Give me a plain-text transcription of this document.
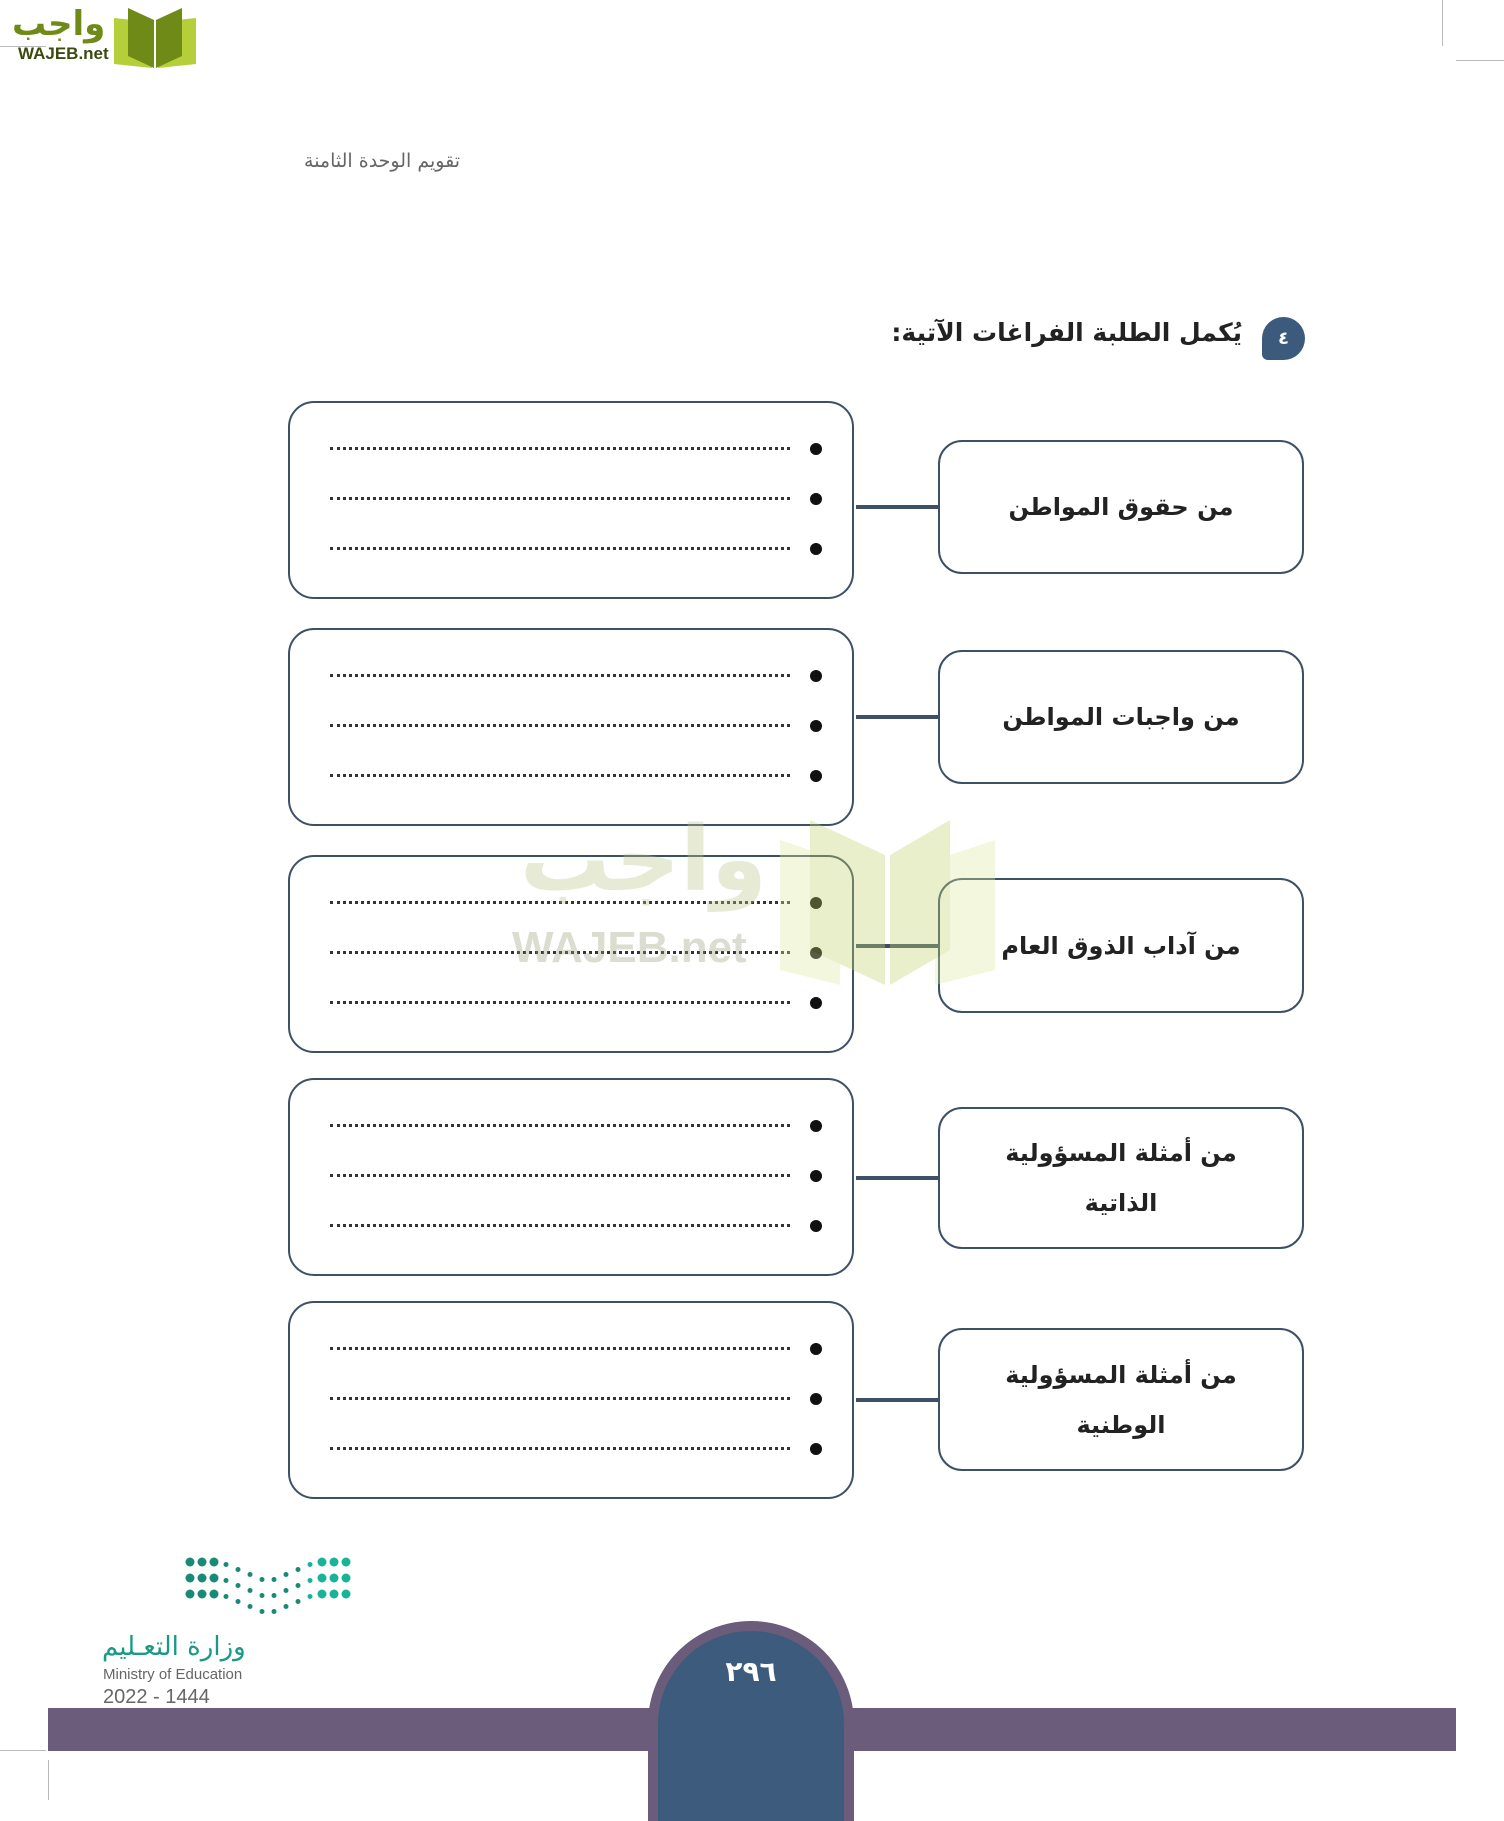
واجب
WAJEB.net
تقويم الوحدة الثامنة
٤
يُكمل الطلبة الفراغات الآتية:
من حقوق المواطن
من واجبات المواطن
من آداب الذوق العام
من أمثلة المسؤولية الذاتية
من أمثلة المسؤولية الوطنية
واجب
WAJEB.net
وزارة التعـليم
Ministry of Education
2022 - 1444
٢٩٦
